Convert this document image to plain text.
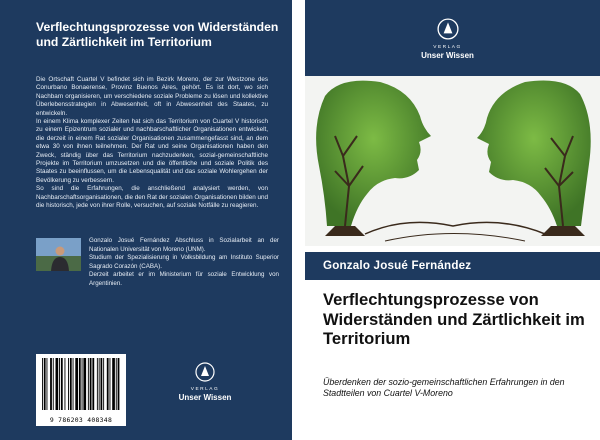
Verflechtungsprozesse von Widerständen und Zärtlichkeit im Territorium

Die Ortschaft Cuartel V befindet sich im Bezirk Moreno, der zur Westzone des Conurbano Bonaerense, Provinz Buenos Aires, gehört. Es ist dort, wo sich Nachbarn organisieren, um verschiedene soziale Probleme zu lösen und kollektive Überlebensstrategien in Abwesenheit, oft in Abwesenheit des Staates, zu entwickeln.

In einem Klima komplexer Zeiten hat sich das Territorium von Cuartel V historisch zu einem Epizentrum sozialer und nachbarschaftlicher Organisationen entwickelt, die derzeit in einem Rat sozialer Organisationen zusammengefasst sind, an dem etwa 30 von ihnen teilnehmen. Der Rat und seine Organisationen haben den Zweck, ständig über das Territorium nachzudenken, sozial-gemeinschaftliche Projekte im Territorium umzusetzen und die öffentliche und soziale Politik des Staates zu beeinflussen, um die Lebensqualität und das soziale Wohlergehen der Bevölkerung zu verbessern.

So sind die Erfahrungen, die anschließend analysiert werden, von Nachbarschaftsorganisationen, die den Rat der sozialen Organisationen bilden und die historisch, jede von ihrer Rolle, versuchen, auf soziale Notfälle zu reagieren.

Gonzalo Josué Fernández Abschluss in Sozialarbeit an der Nationalen Universität von Moreno (UNM).

Studium der Spezialisierung in Volksbildung am Instituto Superior Sagrado Corazón (CABA).

Derzeit arbeitet er im Ministerium für soziale Entwicklung von Argentinien.

9 786203 408348
VERLAG
Unser Wissen
VERLAG
Unser Wissen
Gonzalo Josué Fernández
Verflechtungsprozesse von Widerständen und Zärtlichkeit im Territorium
Überdenken der sozio-gemeinschaftlichen Erfahrungen in den Stadtteilen von Cuartel V-Moreno
